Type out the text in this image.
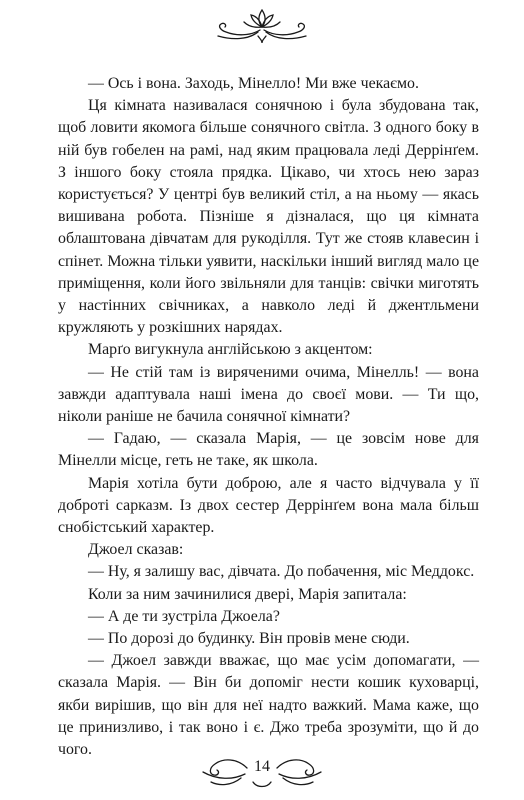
— Ось і вона. Заходь, Мінелло! Ми вже чекаємо.

Ця кімната називалася сонячною і була збудована так, щоб ловити якомога більше сонячного світла. З одного боку в ній був гобелен на рамі, над яким працювала леді Деррінґем. З іншого боку стояла прядка. Цікаво, чи хтось нею зараз користується? У центрі був великий стіл, а на ньому — якась вишивана робота. Пізніше я дізналася, що ця кімната облаштована дівчатам для рукоділля. Тут же стояв клавесин і спінет. Можна тільки уявити, наскільки інший вигляд мало це приміщення, коли його звільняли для танців: свічки миготять у настінних свічниках, а навколо леді й джентльмени кружляють у розкішних нарядах.

Марґо вигукнула англійською з акцентом:

— Не стій там із виряченими очима, Мінелль! — вона завжди адаптувала наші імена до своєї мови. — Ти що, ніколи раніше не бачила сонячної кімнати?

— Гадаю, — сказала Марія, — це зовсім нове для Мінелли місце, геть не таке, як школа.

Марія хотіла бути доброю, але я часто відчувала у її доброті сарказм. Із двох сестер Деррінґем вона мала більш снобістський характер.

Джоел сказав:

— Ну, я залишу вас, дівчата. До побачення, міс Меддокс.

Коли за ним зачинилися двері, Марія запитала:

— А де ти зустріла Джоела?

— По дорозі до будинку. Він провів мене сюди.

— Джоел завжди вважає, що має усім допомагати, — сказала Марія. — Він би допоміг нести кошик куховарці, якби вирішив, що він для неї надто важкий. Мама каже, що це принизливо, і так воно і є. Джо треба зрозуміти, що й до чого.

14
